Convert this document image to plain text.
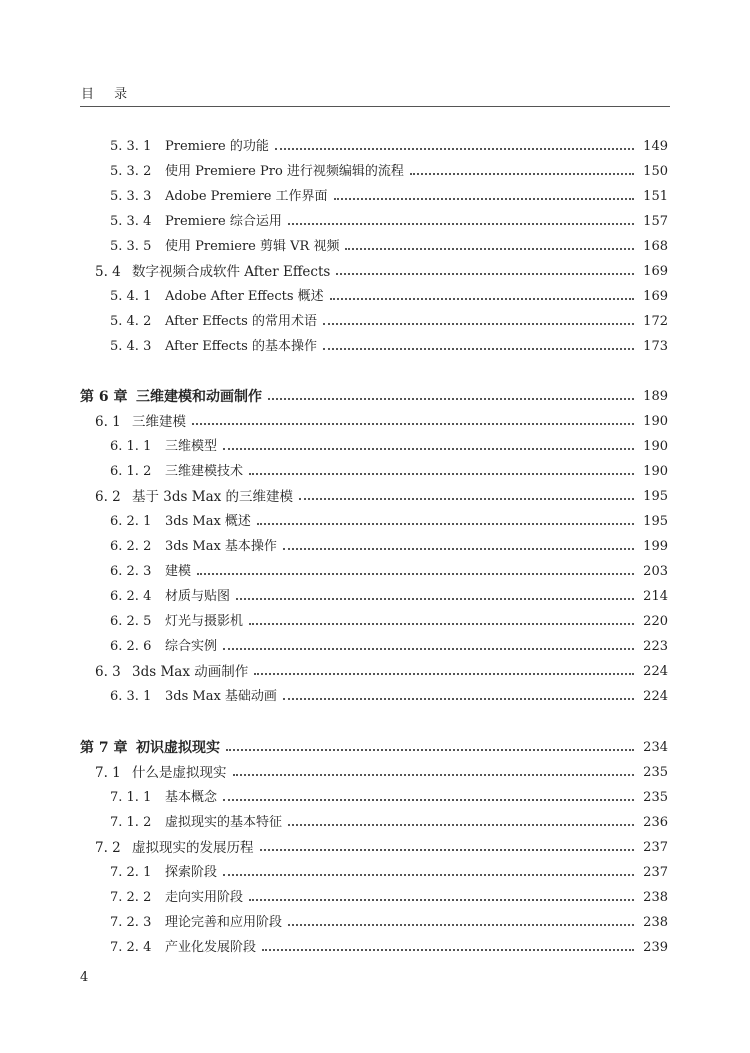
目 录
5. 3. 1	Premiere 的功能	149
5. 3. 2	使用 Premiere Pro 进行视频编辑的流程	150
5. 3. 3	Adobe Premiere 工作界面	151
5. 3. 4	Premiere 综合运用	157
5. 3. 5	使用 Premiere 剪辑 VR 视频	168
5. 4 数字视频合成软件 After Effects	169
5. 4. 1	Adobe After Effects 概述	169
5. 4. 2	After Effects 的常用术语	172
5. 4. 3	After Effects 的基本操作	173
第 6 章 三维建模和动画制作	189
6. 1 三维建模	190
6. 1. 1	三维模型	190
6. 1. 2	三维建模技术	190
6. 2 基于 3ds Max 的三维建模	195
6. 2. 1	3ds Max 概述	195
6. 2. 2	3ds Max 基本操作	199
6. 2. 3	建模	203
6. 2. 4	材质与贴图	214
6. 2. 5	灯光与摄影机	220
6. 2. 6	综合实例	223
6. 3 3ds Max 动画制作	224
6. 3. 1	3ds Max 基础动画	224
第 7 章 初识虚拟现实	234
7. 1 什么是虚拟现实	235
7. 1. 1	基本概念	235
7. 1. 2	虚拟现实的基本特征	236
7. 2 虚拟现实的发展历程	237
7. 2. 1	探索阶段	237
7. 2. 2	走向实用阶段	238
7. 2. 3	理论完善和应用阶段	238
7. 2. 4	产业化发展阶段	239
4
